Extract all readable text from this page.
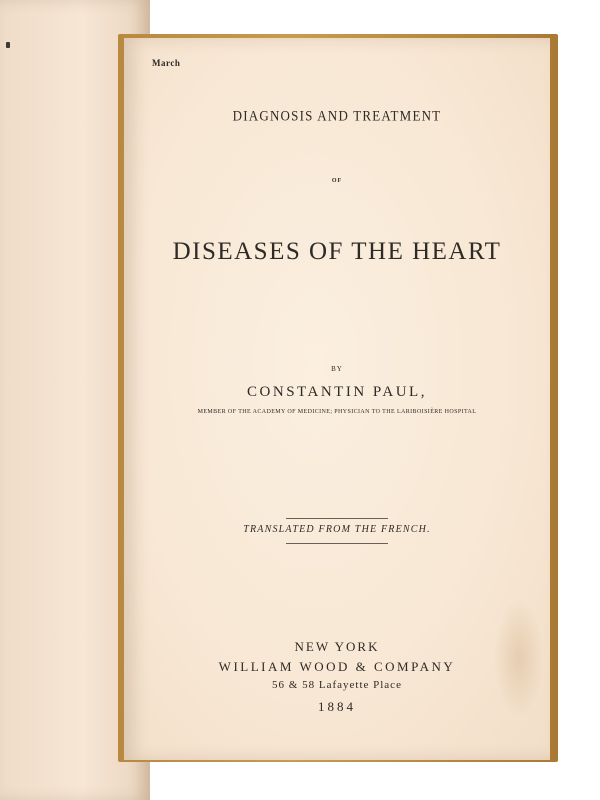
March
DIAGNOSIS AND TREATMENT
OF
DISEASES OF THE HEART
BY
CONSTANTIN PAUL,
MEMBER OF THE ACADEMY OF MEDICINE; PHYSICIAN TO THE LARIBOISIÈRE HOSPITAL
TRANSLATED FROM THE FRENCH.
NEW YORK
WILLIAM WOOD & COMPANY
56 & 58 Lafayette Place
1884
